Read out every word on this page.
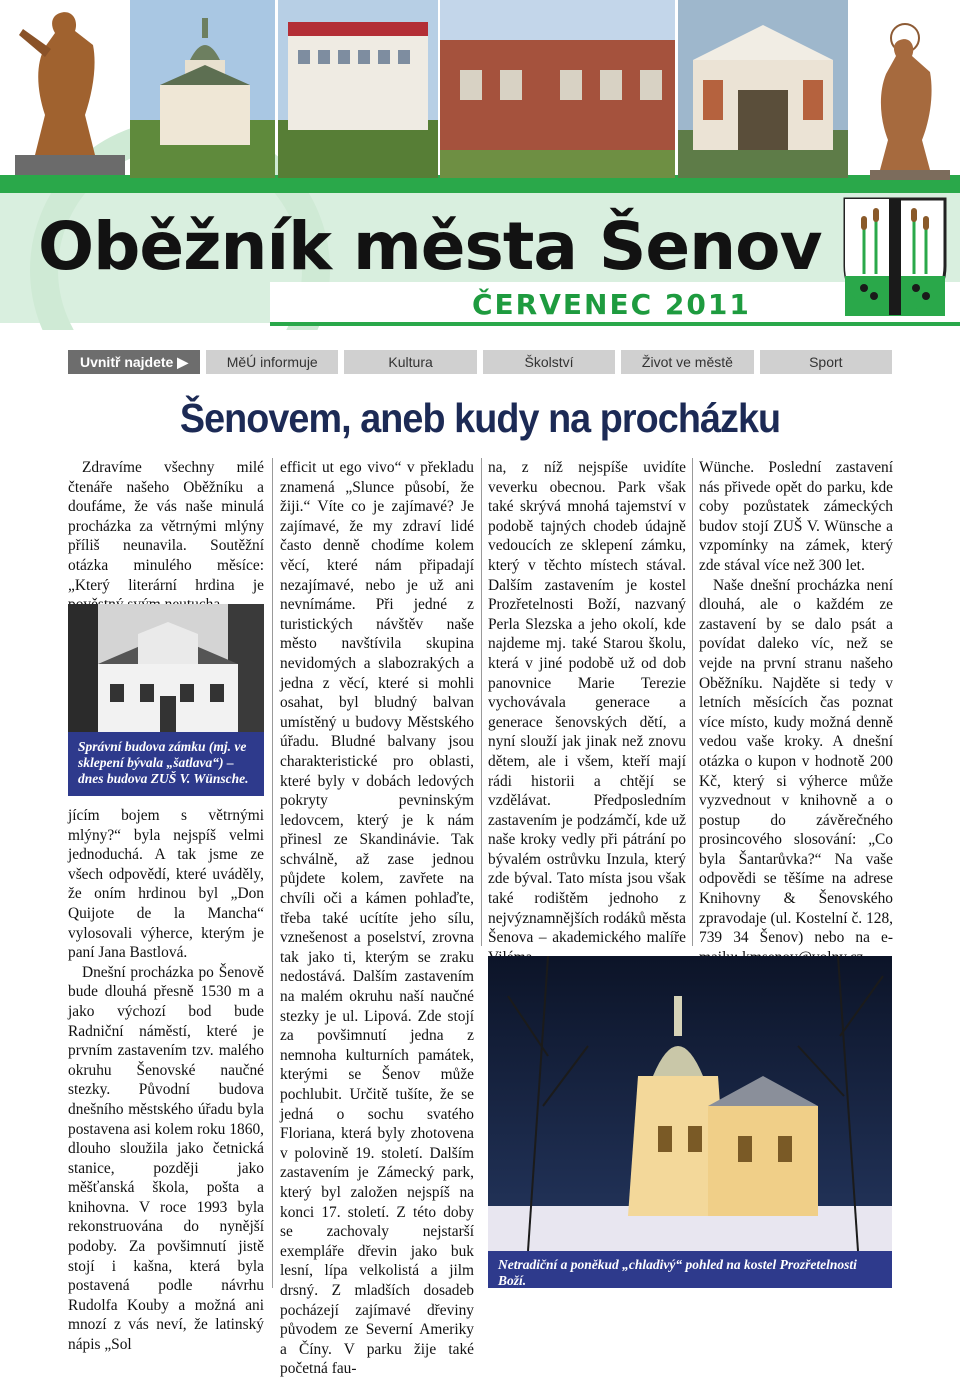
Oběžník města Šenov
ČERVENEC 2011
Uvnitř najdete ▶	MěÚ informuje	Kultura	Školství	Život ve městě	Sport
Šenovem, aneb kudy na procházku

Zdravíme všechny milé čtenáře našeho Oběžníku a doufáme, že vás naše minulá procházka za větrnými mlýny příliš neunavila. Soutěžní otázka minulého měsíce: „Který literární hrdina je

Správní budova zámku (mj. ve sklepení bývala „šatlava“) – dnes budova ZUŠ V. Wünsche.

jícím bojem s větrnými mlýny?“ byla nejspíš velmi jednoduchá. A tak jsme ze všech odpovědí, které uváděly, že oním hrdinou byl „Don Quijote de la Mancha“ vylosovali výherce, kterým je paní Jana Bastlová.

Dnešní procházka po Šenově bude dlouhá přesně 1530 m a jako výchozí bod bude Radniční náměstí, které je prvním zastavením tzv. malého okruhu Šenovské naučné stezky. Původní budova dnešního městského úřadu byla postavena asi kolem roku 1860, dlouho sloužila jako četnická stanice, později jako měšťanská škola, pošta a knihovna. V roce 1993 byla rekonstruována do nynější podoby. Za povšimnutí jistě stojí i kašna, která byla postavená podle návrhu Rudolfa Kouby a možná ani mnozí z vás neví, že latinský nápis „Sol

efficit ut ego vivo“ v překladu znamená „Slunce působí, že žiji.“ Víte co je zajímavé? Je zajímavé, že my zdraví lidé často denně chodíme kolem věcí, které nám připadají nezajímavé, nebo je už ani nevnímáme. Při jedné z turistických návštěv naše město navštívila skupina nevidomých a slabozrakých a jedna z věcí, které si mohli osahat, byl bludný balvan umístěný u budovy Městského úřadu. Bludné balvany jsou charakteristické pro oblasti, které byly v dobách ledových pokryty pevninským ledovcem, který je k nám přinesl ze Skandinávie. Tak schválně, až zase jednou půjdete kolem, zavřete na chvíli oči a kámen pohlaďte, třeba také ucítíte jeho sílu, vznešenost a poselství, zrovna tak jako ti, kterým se zraku nedostává. Dalším zastavením na malém okruhu naší naučné stezky je ul. Lipová. Zde stojí za povšimnutí jedna z nemnoha kulturních památek, kterými se Šenov může pochlubit. Určitě tušíte, že se jedná o sochu svatého Floriana, která byly zhotovena v polovině 19. století. Dalším zastavením je Zámecký park, který byl založen nejspíš na konci 17. století. Z této doby se zachovaly nejstarší exempláře dřevin jako buk lesní, lípa velkolistá a jilm drsný. Z mladších dosadeb pocházejí zajímavé dřeviny původem ze Severní Ameriky a Číny. V parku žije také početná fau-

na, z níž nejspíše uvidíte veverku obecnou. Park však také skrývá mnohá tajemství v podobě tajných chodeb údajně vedoucích ze sklepení zámku, který v těchto místech stával. Dalším zastavením je kostel Prozřetelnosti Boží, nazvaný Perla Slezska a jeho okolí, kde najdeme mj. také Starou školu, která v jiné podobě už od dob panovnice Marie Terezie vychovávala generace a generace šenovských dětí, a nyní slouží jak jinak než znovu dětem, ale i všem, kteří mají rádi historii a chtějí se vzdělávat. Předposledním zastavením je podzámčí, kde už naše kroky vedly při pátrání po bývalém ostrůvku Inzula, který zde býval. Tato místa jsou však také rodištěm jednoho z nejvýznamnějších rodáků města Šenova – akademického malíře

Wünche. Poslední zastavení nás přivede opět do parku, kde coby pozůstatek zámeckých budov stojí ZUŠ V. Wünsche a vzpomínky na zámek, který zde stával více než 300 let.

Naše dnešní procházka není dlouhá, ale o každém ze zastavení by se dalo psát a povídat daleko víc, než se vejde na první stranu našeho Oběžníku. Najděte si tedy v letních měsících čas poznat více místo, kudy možná denně vedou vaše kroky. A dnešní otázka o kupon v hodnotě 200 Kč, který si výherce může vyzvednout v knihovně a o postup do závěrečného prosincového slosování: „Co byla Šantarůvka?“ Na vaše odpovědi se těšíme na adrese Knihovny & Šenovského zpravodaje (ul. Kostelní č. 128, 739 34 Šenov) nebo na e-

Netradiční a poněkud „chladivý“ pohled na kostel Prozřetelnosti Boží.
